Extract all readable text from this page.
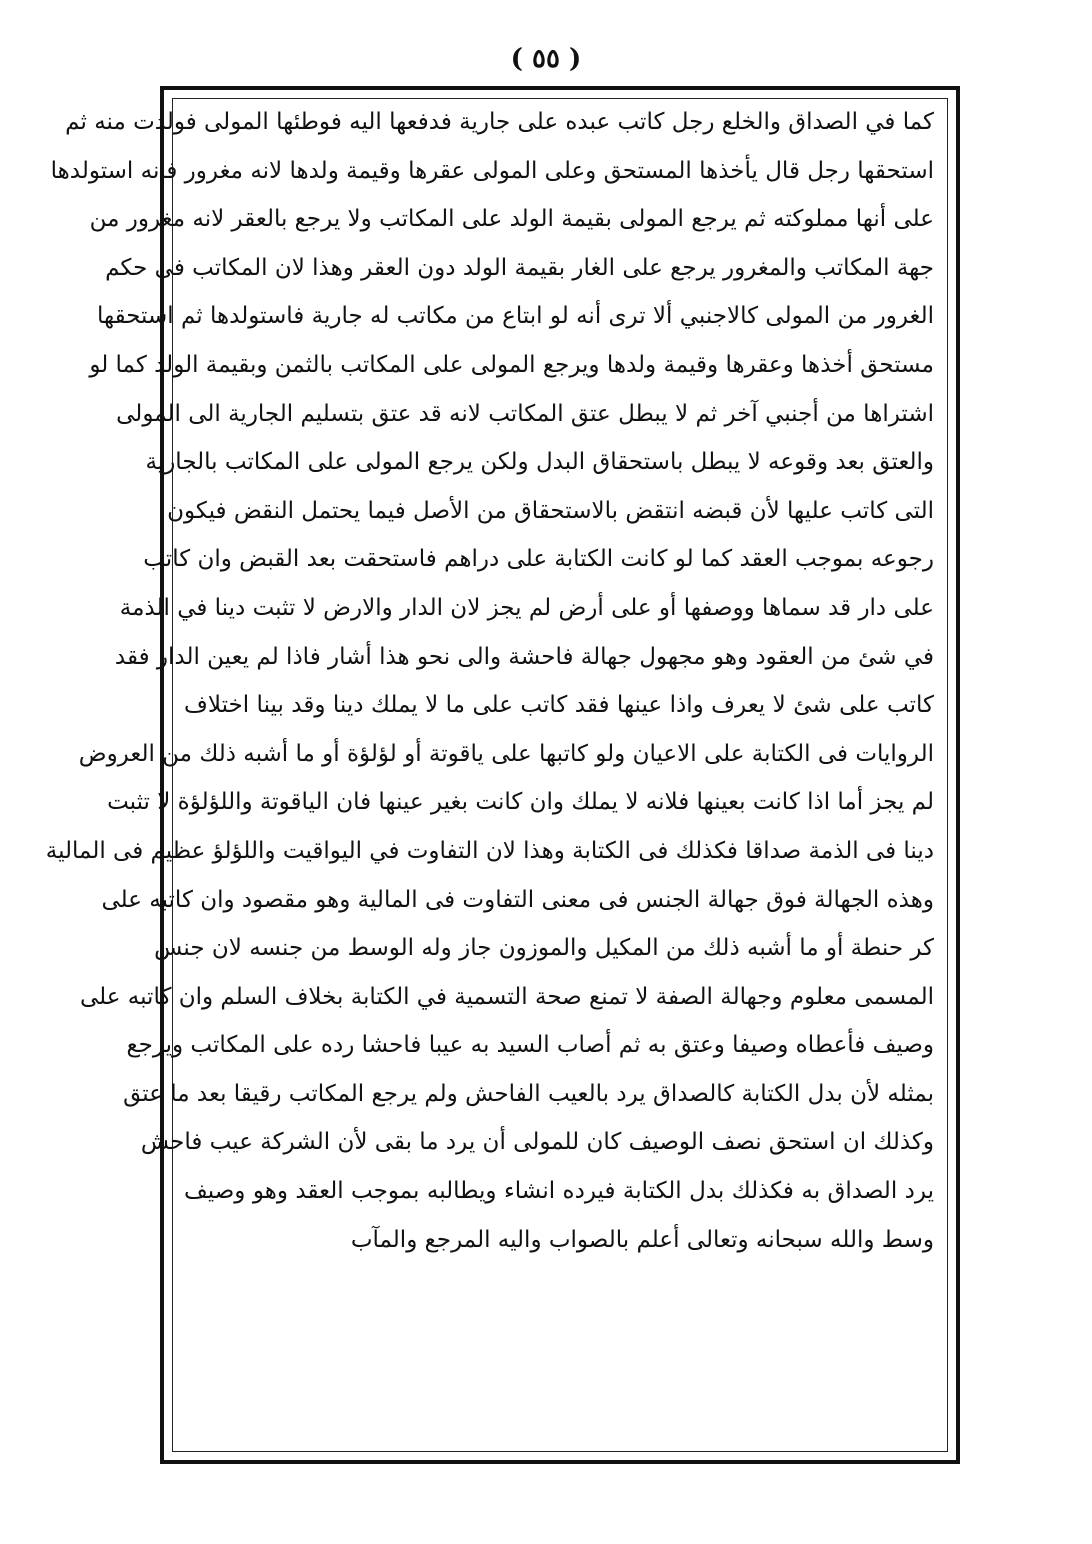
( ٥٥ )
كما في الصداق والخلع رجل كاتب عبده على جارية فدفعها اليه فوطئها المولى فولدت منه ثم
استحقها رجل قال يأخذها المستحق وعلى المولى عقرها وقيمة ولدها لانه مغرور فانه استولدها
على أنها مملوكته ثم يرجع المولى بقيمة الولد على المكاتب ولا يرجع بالعقر لانه مغرور من
جهة المكاتب والمغرور يرجع على الغار بقيمة الولد دون العقر وهذا لان المكاتب فى حكم
الغرور من المولى كالاجنبي ألا ترى أنه لو ابتاع من مكاتب له جارية فاستولدها ثم استحقها
مستحق أخذها وعقرها وقيمة ولدها ويرجع المولى على المكاتب بالثمن وبقيمة الولد كما لو
اشتراها من أجنبي آخر ثم لا يبطل عتق المكاتب لانه قد عتق بتسليم الجارية الى المولى
والعتق بعد وقوعه لا يبطل باستحقاق البدل ولكن يرجع المولى على المكاتب بالجارية
التى كاتب عليها لأن قبضه انتقض بالاستحقاق من الأصل فيما يحتمل النقض فيكون
رجوعه بموجب العقد كما لو كانت الكتابة على دراهم فاستحقت بعد القبض وان كاتب
على دار قد سماها ووصفها أو على أرض لم يجز لان الدار والارض لا تثبت دينا في الذمة
في شئ من العقود وهو مجهول جهالة فاحشة والى نحو هذا أشار فاذا لم يعين الدار فقد
كاتب على شئ لا يعرف واذا عينها فقد كاتب على ما لا يملك دينا وقد بينا اختلاف
الروايات فى الكتابة على الاعيان ولو كاتبها على ياقوتة أو لؤلؤة أو ما أشبه ذلك من العروض
لم يجز أما اذا كانت بعينها فلانه لا يملك وان كانت بغير عينها فان الياقوتة واللؤلؤة لا تثبت
دينا فى الذمة صداقا فكذلك فى الكتابة وهذا لان التفاوت في اليواقيت واللؤلؤ عظيم فى المالية
وهذه الجهالة فوق جهالة الجنس فى معنى التفاوت فى المالية وهو مقصود وان كاتبه على
كر حنطة أو ما أشبه ذلك من المكيل والموزون جاز وله الوسط من جنسه لان جنس
المسمى معلوم وجهالة الصفة لا تمنع صحة التسمية في الكتابة بخلاف السلم وان كاتبه على
وصيف فأعطاه وصيفا وعتق به ثم أصاب السيد به عيبا فاحشا رده على المكاتب ويرجع
بمثله لأن بدل الكتابة كالصداق يرد بالعيب الفاحش ولم يرجع المكاتب رقيقا بعد ما عتق
وكذلك ان استحق نصف الوصيف كان للمولى أن يرد ما بقى لأن الشركة عيب فاحش
يرد الصداق به فكذلك بدل الكتابة فيرده انشاء ويطالبه بموجب العقد وهو وصيف
وسط والله سبحانه وتعالى أعلم بالصواب واليه المرجع والمآب
